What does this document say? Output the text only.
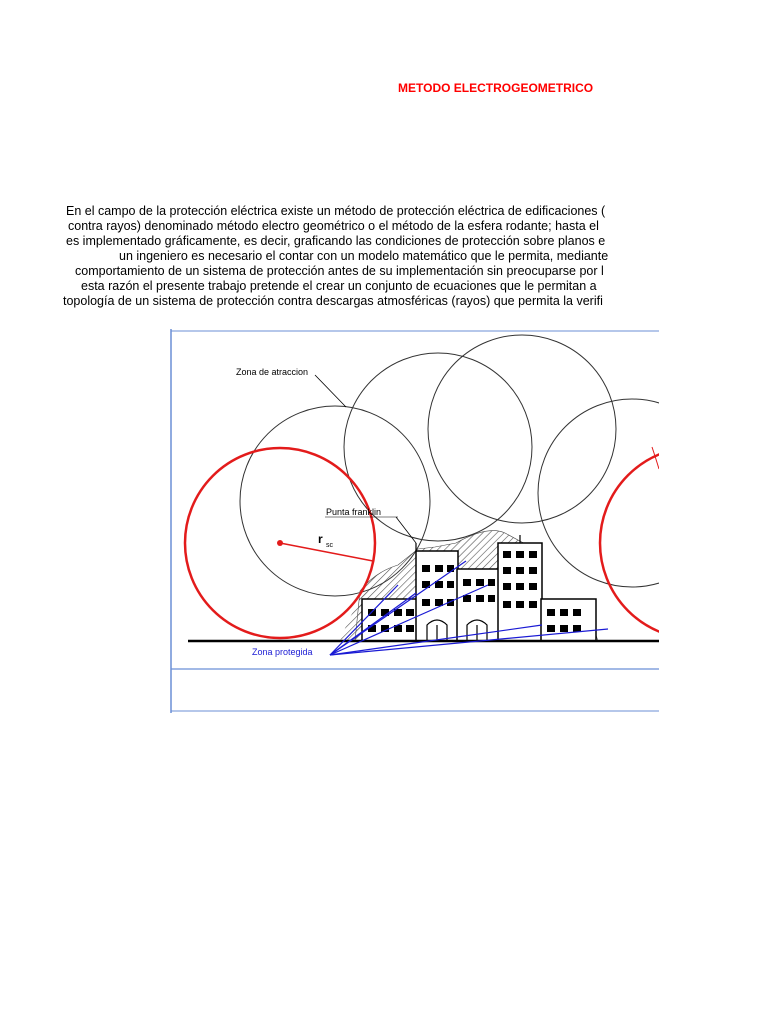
METODO ELECTROGEOMETRICO
En el campo de la protección eléctrica existe un método de protección eléctrica de edificaciones (
contra rayos) denominado método electro geométrico o el método de la esfera rodante; hasta el
es implementado gráficamente, es decir, graficando las condiciones de protección sobre planos e
un ingeniero es necesario el contar con un modelo matemático que le permita, mediante
comportamiento de un sistema de protección antes de su implementación sin preocuparse por l
esta razón el presente trabajo pretende el crear un conjunto de ecuaciones que le permitan a
topología de un sistema de protección contra descargas atmosféricas (rayos) que permita la verifi
Zona de atraccion
Punta franklin
r sc
Zona protegida
